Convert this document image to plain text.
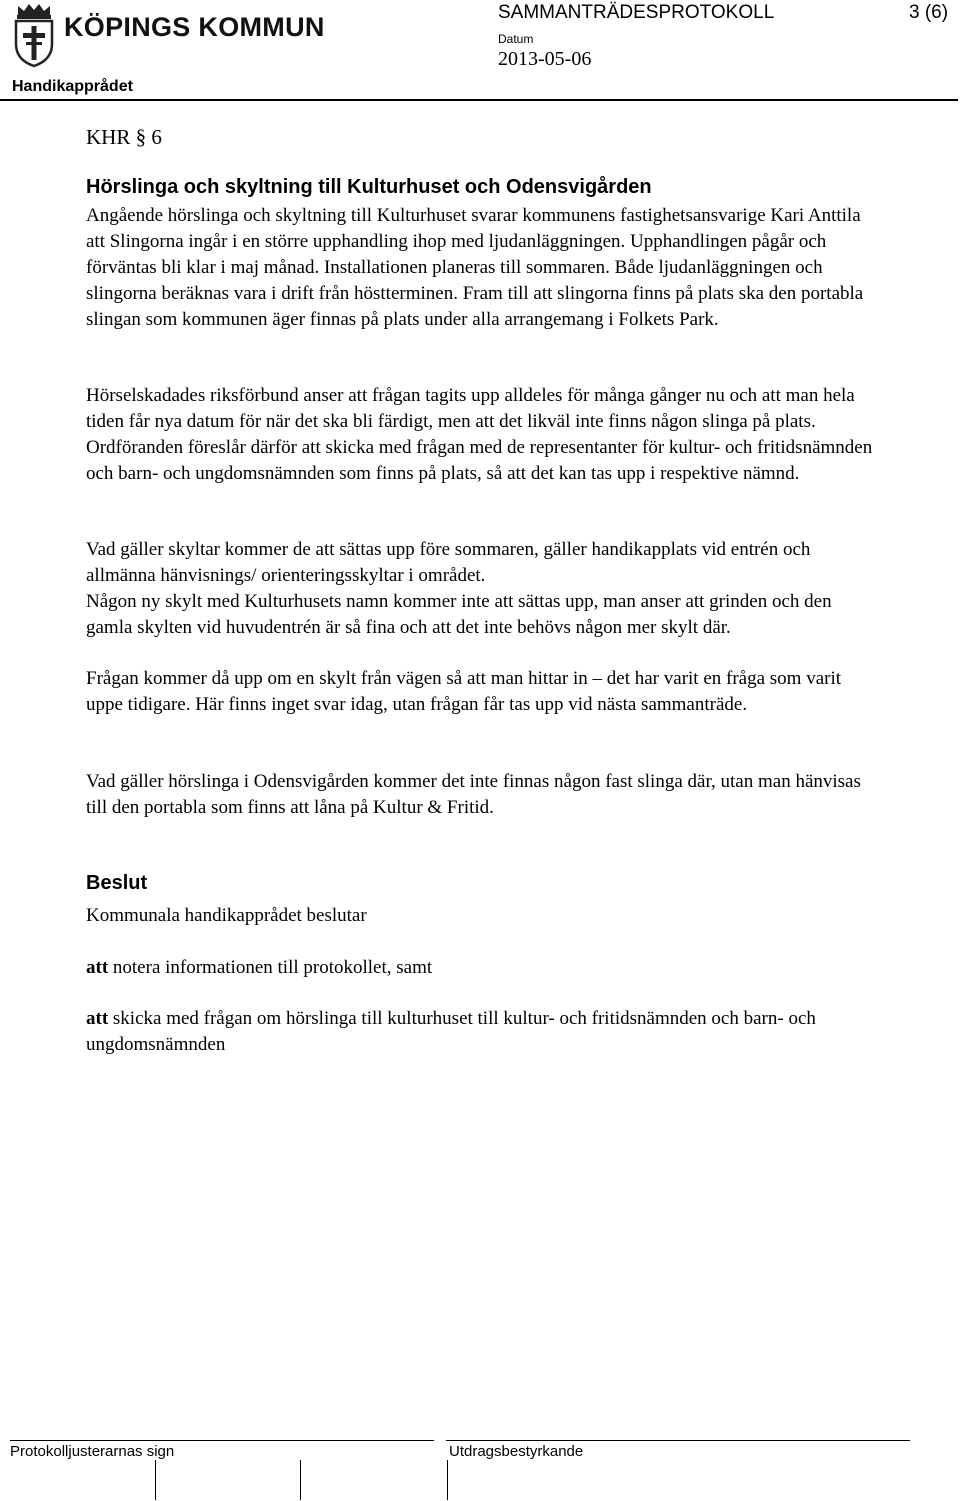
KÖPINGS KOMMUN	SAMMANTRÄDESPROTOKOLL	3 (6)
Datum
2013-05-06
Handikapprådet
KHR § 6
Hörslinga och skyltning till Kulturhuset och Odensvigården

Angående hörslinga och skyltning till Kulturhuset svarar kommunens fastighetsansvarige Kari Anttila att Slingorna ingår i en större upphandling ihop med ljudanläggningen. Upphandlingen pågår och förväntas bli klar i maj månad. Installationen planeras till sommaren. Både ljudanläggningen och slingorna beräknas vara i drift från höstterminen. Fram till att slingorna finns på plats ska den portabla slingan som kommunen äger finnas på plats under alla arrangemang i Folkets Park.

Hörselskadades riksförbund anser att frågan tagits upp alldeles för många gånger nu och att man hela tiden får nya datum för när det ska bli färdigt, men att det likväl inte finns någon slinga på plats. Ordföranden föreslår därför att skicka med frågan med de representanter för kultur- och fritidsnämnden och barn- och ungdomsnämnden som finns på plats, så att det kan tas upp i respektive nämnd.

Vad gäller skyltar kommer de att sättas upp före sommaren, gäller handikapplats vid entrén och allmänna hänvisnings/ orienteringsskyltar i området.

Någon ny skylt med Kulturhusets namn kommer inte att sättas upp, man anser att grinden och den gamla skylten vid huvudentrén är så fina och att det inte behövs någon mer skylt där.

Frågan kommer då upp om en skylt från vägen så att man hittar in – det har varit en fråga som varit uppe tidigare. Här finns inget svar idag, utan frågan får tas upp vid nästa sammanträde.

Vad gäller hörslinga i Odensvigården kommer det inte finnas någon fast slinga där, utan man hänvisas till den portabla som finns att låna på Kultur & Fritid.

Beslut

Kommunala handikapprådet beslutar

att notera informationen till protokollet, samt

att skicka med frågan om hörslinga till kulturhuset till kultur- och fritidsnämnden och barn- och ungdomsnämnden

Protokolljusterarnas sign	Utdragsbestyrkande
